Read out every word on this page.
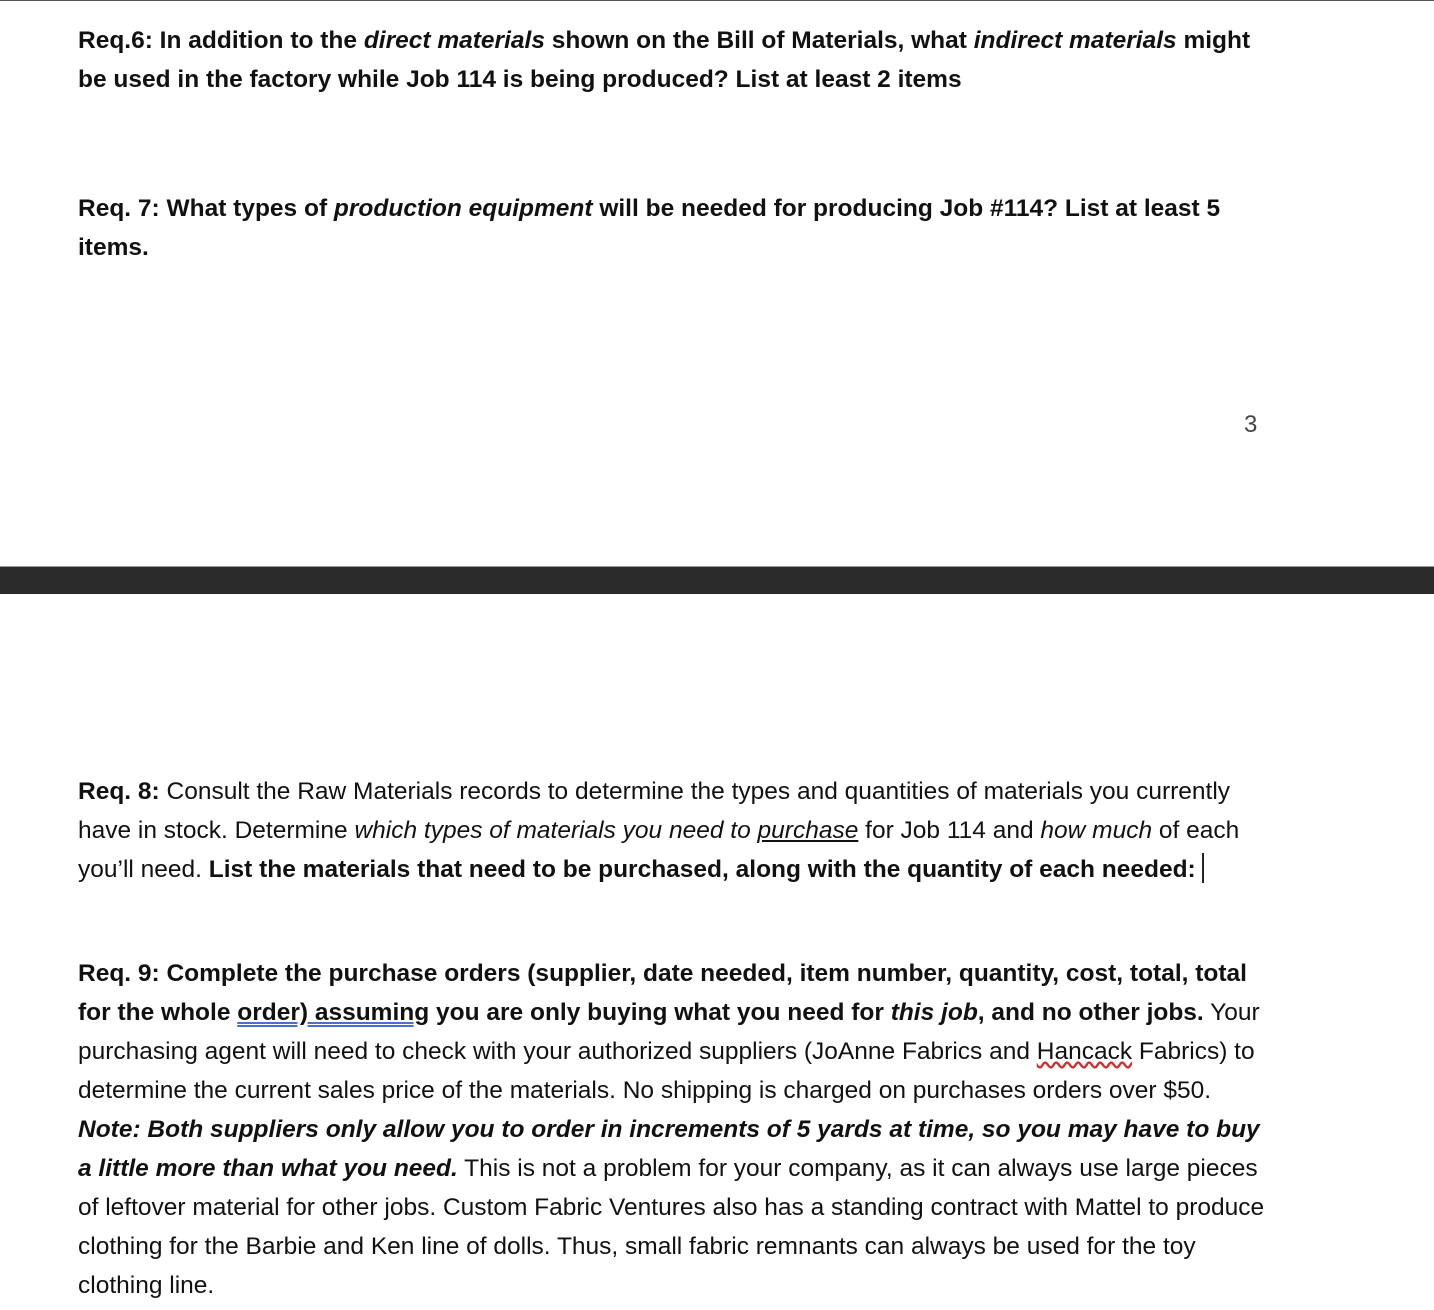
Req.6: In addition to the direct materials shown on the Bill of Materials, what indirect materials might be used in the factory while Job 114 is being produced? List at least 2 items

Req. 7: What types of production equipment will be needed for producing Job #114? List at least 5 items.

3

Req. 8: Consult the Raw Materials records to determine the types and quantities of materials you currently have in stock. Determine which types of materials you need to purchase for Job 114 and how much of each you’ll need. List the materials that need to be purchased, along with the quantity of each needed:

Req. 9: Complete the purchase orders (supplier, date needed, item number, quantity, cost, total, total for the whole order) assuming you are only buying what you need for this job, and no other jobs. Your purchasing agent will need to check with your authorized suppliers (JoAnne Fabrics and Hancack Fabrics) to determine the current sales price of the materials. No shipping is charged on purchases orders over $50. Note: Both suppliers only allow you to order in increments of 5 yards at time, so you may have to buy a little more than what you need. This is not a problem for your company, as it can always use large pieces of leftover material for other jobs. Custom Fabric Ventures also has a standing contract with Mattel to produce clothing for the Barbie and Ken line of dolls. Thus, small fabric remnants can always be used for the toy clothing line.
